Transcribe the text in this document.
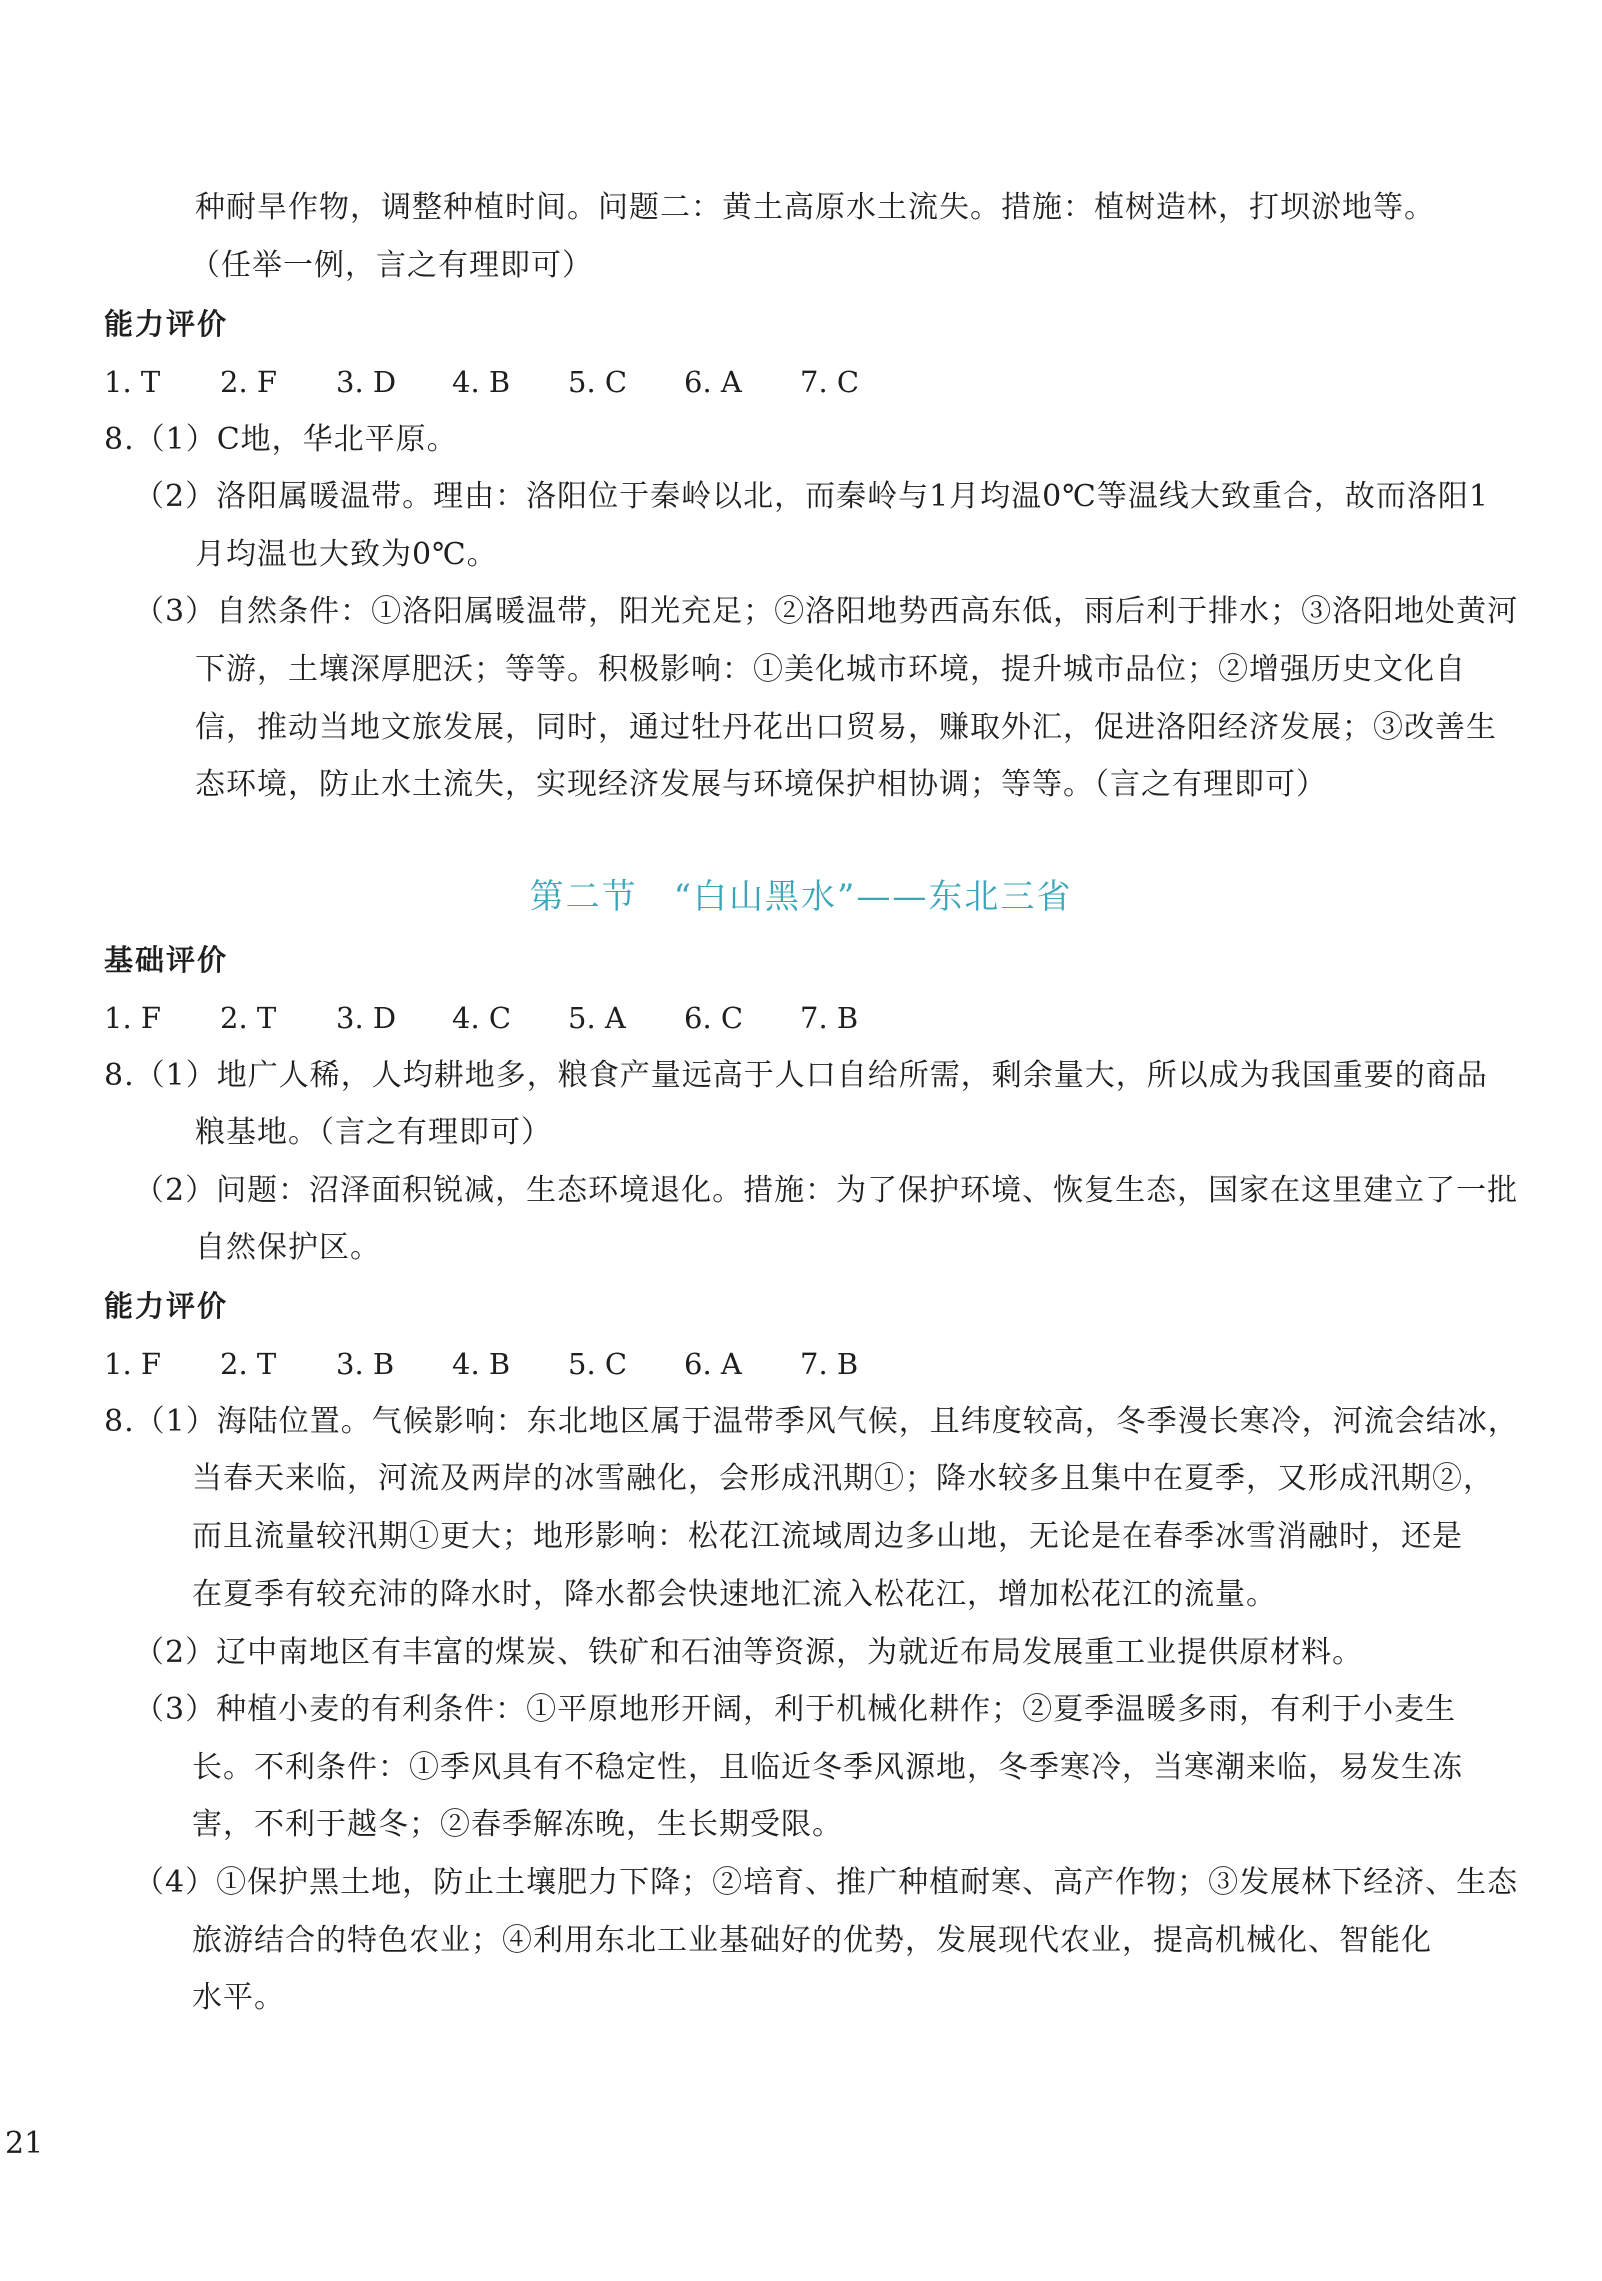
种耐旱作物，调整种植时间。问题二：黄土高原水土流失。措施：植树造林，打坝淤地等。
（任举一例，言之有理即可）
能力评价
1. T 2. F 3. D 4. B 5. C 6. A 7. C
8.（1）C地，华北平原。
（2）洛阳属暖温带。理由：洛阳位于秦岭以北，而秦岭与1月均温0℃等温线大致重合，故而洛阳1
月均温也大致为0℃。
（3）自然条件：①洛阳属暖温带，阳光充足；②洛阳地势西高东低，雨后利于排水；③洛阳地处黄河
下游，土壤深厚肥沃；等等。积极影响：①美化城市环境，提升城市品位；②增强历史文化自
信，推动当地文旅发展，同时，通过牡丹花出口贸易，赚取外汇，促进洛阳经济发展；③改善生
态环境，防止水土流失，实现经济发展与环境保护相协调；等等。（言之有理即可）
第二节　“白山黑水”——东北三省
基础评价
1. F 2. T 3. D 4. C 5. A 6. C 7. B
8.（1）地广人稀，人均耕地多，粮食产量远高于人口自给所需，剩余量大，所以成为我国重要的商品
粮基地。（言之有理即可）
（2）问题：沼泽面积锐减，生态环境退化。措施：为了保护环境、恢复生态，国家在这里建立了一批
自然保护区。
能力评价
1. F 2. T 3. B 4. B 5. C 6. A 7. B
8.（1）海陆位置。气候影响：东北地区属于温带季风气候，且纬度较高，冬季漫长寒冷，河流会结冰，
当春天来临，河流及两岸的冰雪融化，会形成汛期①；降水较多且集中在夏季，又形成汛期②，
而且流量较汛期①更大；地形影响：松花江流域周边多山地，无论是在春季冰雪消融时，还是
在夏季有较充沛的降水时，降水都会快速地汇流入松花江，增加松花江的流量。
（2）辽中南地区有丰富的煤炭、铁矿和石油等资源，为就近布局发展重工业提供原材料。
（3）种植小麦的有利条件：①平原地形开阔，利于机械化耕作；②夏季温暖多雨，有利于小麦生
长。不利条件：①季风具有不稳定性，且临近冬季风源地，冬季寒冷，当寒潮来临，易发生冻
害，不利于越冬；②春季解冻晚，生长期受限。
（4）①保护黑土地，防止土壤肥力下降；②培育、推广种植耐寒、高产作物；③发展林下经济、生态
旅游结合的特色农业；④利用东北工业基础好的优势，发展现代农业，提高机械化、智能化
水平。
21
